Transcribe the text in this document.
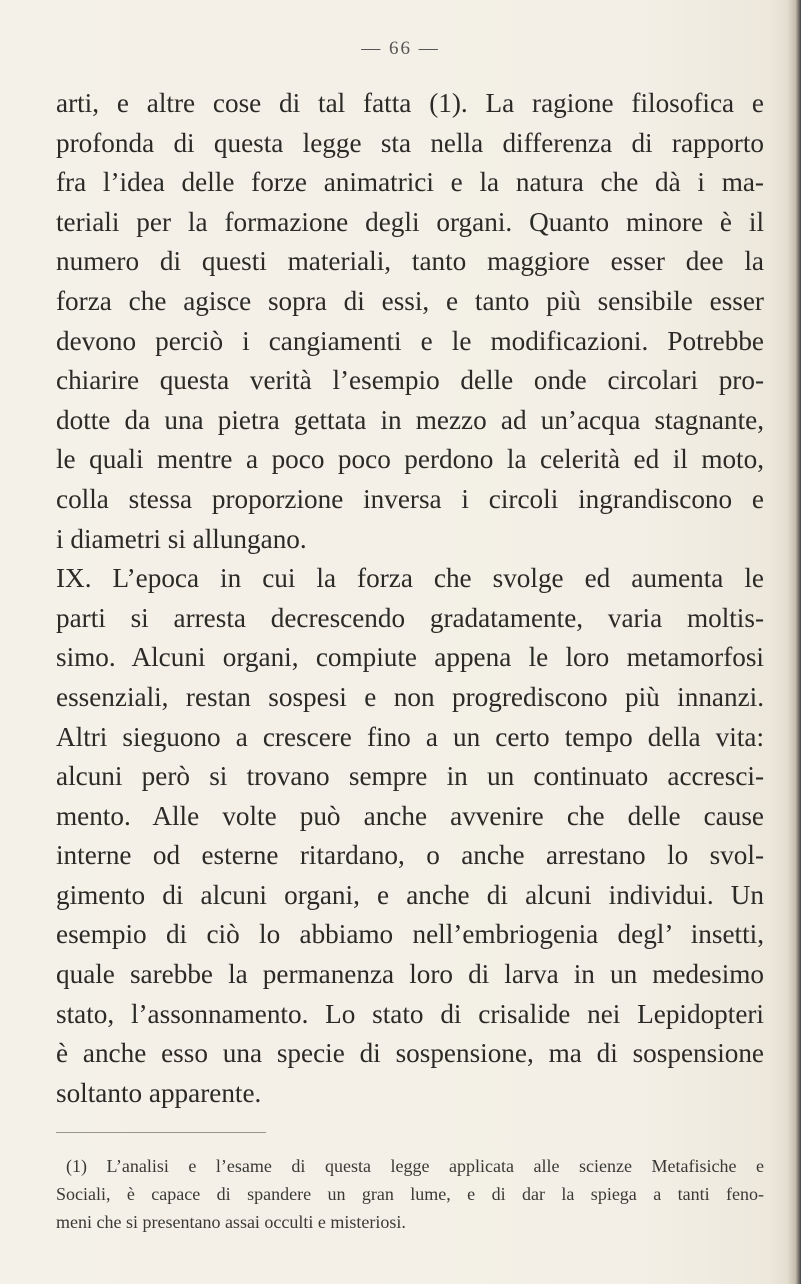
— 66 —
arti, e altre cose di tal fatta (1). La ragione filosofica e
profonda di questa legge sta nella differenza di rapporto
fra l’idea delle forze animatrici e la natura che dà i ma-
teriali per la formazione degli organi. Quanto minore è il
numero di questi materiali, tanto maggiore esser dee la
forza che agisce sopra di essi, e tanto più sensibile esser
devono perciò i cangiamenti e le modificazioni. Potrebbe
chiarire questa verità l’esempio delle onde circolari pro-
dotte da una pietra gettata in mezzo ad un’acqua stagnante,
le quali mentre a poco poco perdono la celerità ed il moto,
colla stessa proporzione inversa i circoli ingrandiscono e
i diametri si allungano.
IX. L’epoca in cui la forza che svolge ed aumenta le
parti si arresta decrescendo gradatamente, varia moltis-
simo. Alcuni organi, compiute appena le loro metamorfosi
essenziali, restan sospesi e non progrediscono più innanzi.
Altri sieguono a crescere fino a un certo tempo della vita:
alcuni però si trovano sempre in un continuato accresci-
mento. Alle volte può anche avvenire che delle cause
interne od esterne ritardano, o anche arrestano lo svol-
gimento di alcuni organi, e anche di alcuni individui. Un
esempio di ciò lo abbiamo nell’embriogenia degl’ insetti,
quale sarebbe la permanenza loro di larva in un medesimo
stato, l’assonnamento. Lo stato di crisalide nei Lepidopteri
è anche esso una specie di sospensione, ma di sospensione
soltanto apparente.
(1) L’analisi e l’esame di questa legge applicata alle scienze Metafisiche e
Sociali, è capace di spandere un gran lume, e di dar la spiega a tanti feno-
meni che si presentano assai occulti e misteriosi.
